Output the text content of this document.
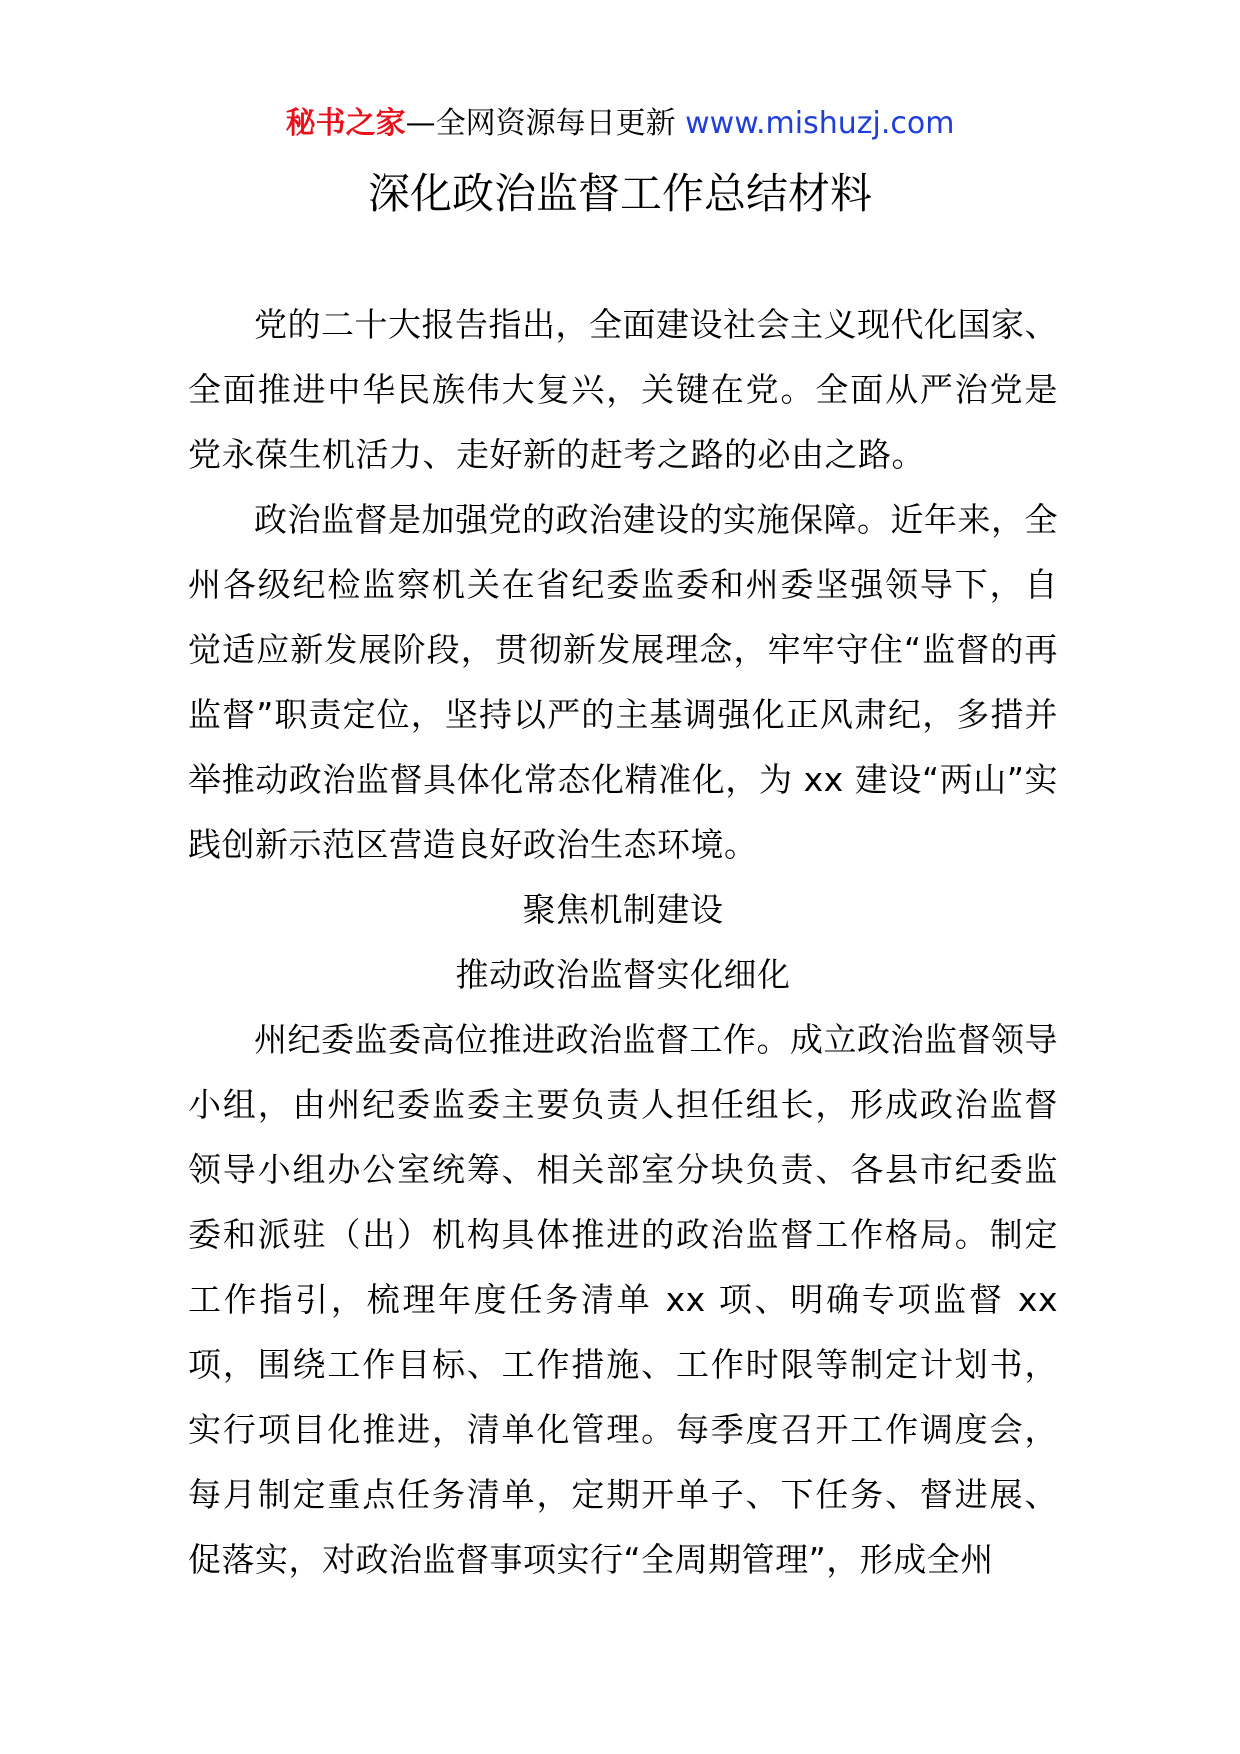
秘书之家—全网资源每日更新 www.mishuzj.com
深化政治监督工作总结材料

党的二十大报告指出，全面建设社会主义现代化国家、全面推进中华民族伟大复兴，关键在党。全面从严治党是党永葆生机活力、走好新的赶考之路的必由之路。

政治监督是加强党的政治建设的实施保障。近年来，全州各级纪检监察机关在省纪委监委和州委坚强领导下，自觉适应新发展阶段，贯彻新发展理念，牢牢守住“监督的再监督”职责定位，坚持以严的主基调强化正风肃纪，多措并举推动政治监督具体化常态化精准化，为 xx 建设“两山”实践创新示范区营造良好政治生态环境。

聚焦机制建设

推动政治监督实化细化

州纪委监委高位推进政治监督工作。成立政治监督领导小组，由州纪委监委主要负责人担任组长，形成政治监督领导小组办公室统筹、相关部室分块负责、各县市纪委监委和派驻（出）机构具体推进的政治监督工作格局。制定工作指引，梳理年度任务清单 xx 项、明确专项监督 xx 项，围绕工作目标、工作措施、工作时限等制定计划书，实行项目化推进，清单化管理。每季度召开工作调度会，每月制定重点任务清单，定期开单子、下任务、督进展、促落实，对政治监督事项实行“全周期管理”，形成全州
